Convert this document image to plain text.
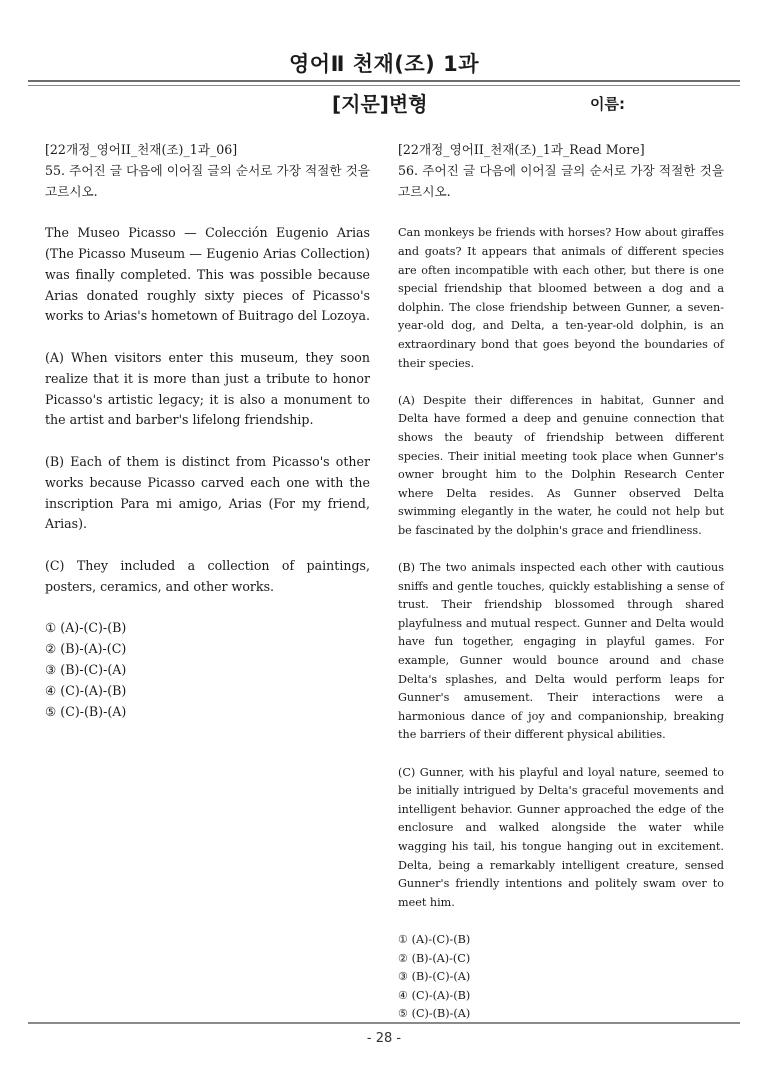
영어Ⅱ 천재(조) 1과
[지문]변형	이름:

[22개정_영어II_천재(조)_1과_06]

55. 주어진 글 다음에 이어질 글의 순서로 가장 적절한 것을 고르시오.

The Museo Picasso — Colección Eugenio Arias (The Picasso Museum — Eugenio Arias Collection) was finally completed. This was possible because Arias donated roughly sixty pieces of Picasso's works to Arias's hometown of Buitrago del Lozoya.

(A) When visitors enter this museum, they soon realize that it is more than just a tribute to honor Picasso's artistic legacy; it is also a monument to the artist and barber's lifelong friendship.

(B) Each of them is distinct from Picasso's other works because Picasso carved each one with the inscription Para mi amigo, Arias (For my friend, Arias).

(C) They included a collection of paintings, posters, ceramics, and other works.

① (A)-(C)-(B)
② (B)-(A)-(C)
③ (B)-(C)-(A)
④ (C)-(A)-(B)
⑤ (C)-(B)-(A)

[22개정_영어II_천재(조)_1과_Read More]

56. 주어진 글 다음에 이어질 글의 순서로 가장 적절한 것을 고르시오.

Can monkeys be friends with horses? How about giraffes and goats? It appears that animals of different species are often incompatible with each other, but there is one special friendship that bloomed between a dog and a dolphin. The close friendship between Gunner, a seven-year-old dog, and Delta, a ten-year-old dolphin, is an extraordinary bond that goes beyond the boundaries of their species.

(A) Despite their differences in habitat, Gunner and Delta have formed a deep and genuine connection that shows the beauty of friendship between different species. Their initial meeting took place when Gunner's owner brought him to the Dolphin Research Center where Delta resides. As Gunner observed Delta swimming elegantly in the water, he could not help but be fascinated by the dolphin's grace and friendliness.

(B) The two animals inspected each other with cautious sniffs and gentle touches, quickly establishing a sense of trust. Their friendship blossomed through shared playfulness and mutual respect. Gunner and Delta would have fun together, engaging in playful games. For example, Gunner would bounce around and chase Delta's splashes, and Delta would perform leaps for Gunner's amusement. Their interactions were a harmonious dance of joy and companionship, breaking the barriers of their different physical abilities.

(C) Gunner, with his playful and loyal nature, seemed to be initially intrigued by Delta's graceful movements and intelligent behavior. Gunner approached the edge of the enclosure and walked alongside the water while wagging his tail, his tongue hanging out in excitement. Delta, being a remarkably intelligent creature, sensed Gunner's friendly intentions and politely swam over to meet him.

① (A)-(C)-(B)
② (B)-(A)-(C)
③ (B)-(C)-(A)
④ (C)-(A)-(B)
⑤ (C)-(B)-(A)
- 28 -
